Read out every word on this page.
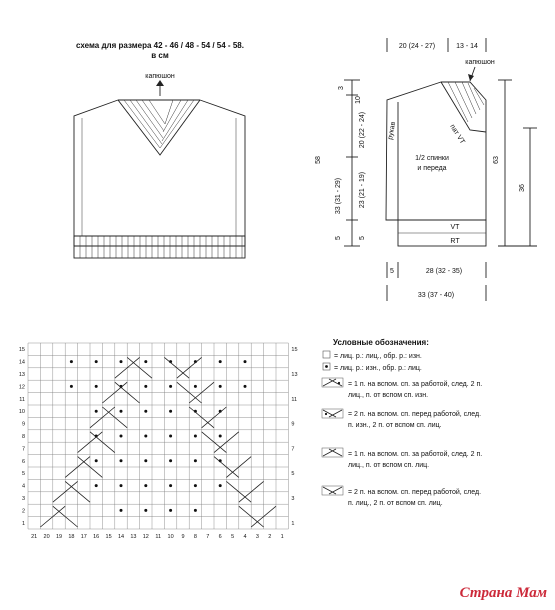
схема для размера 42 - 46 / 48 - 54 / 54 - 58.
в см
капюшон
20 (24 - 27)	13 - 14
капюшон
3
10
58
20 (22 - 24)
33 (31 - 29) 23 (21 - 19)
5 5
рукав	пат VT
1/2 спинки
и переда
VT
RT
63
36
5	28 (32 - 35)
33 (37 - 40)
1
2
3
4
5
6
7
8
9
10
11
12
13
14
15
1
3
5
7
9
11
13
15
21 20 19 18 17 16 15 14 13 12 11 10 9 8 7 6 5 4 3 2 1
Условные обозначения:
= лиц. р.: лиц., обр. р.: изн.
= лиц. р.: изн., обр. р.: лиц.
= 1 п. на вспом. сп. за работой, след. 2 п.
лиц., п. от вспом сп. изн.
= 2 п. на вспом. сп. перед работой, след.
п. изн., 2 п. от вспом сп. лиц.
= 1 п. на вспом. сп. за работой, след. 2 п.
лиц., п. от вспом сп. лиц.
= 2 п. на вспом. сп. перед работой, след.
п. лиц., 2 п. от вспом сп. лиц.
Страна Мам
